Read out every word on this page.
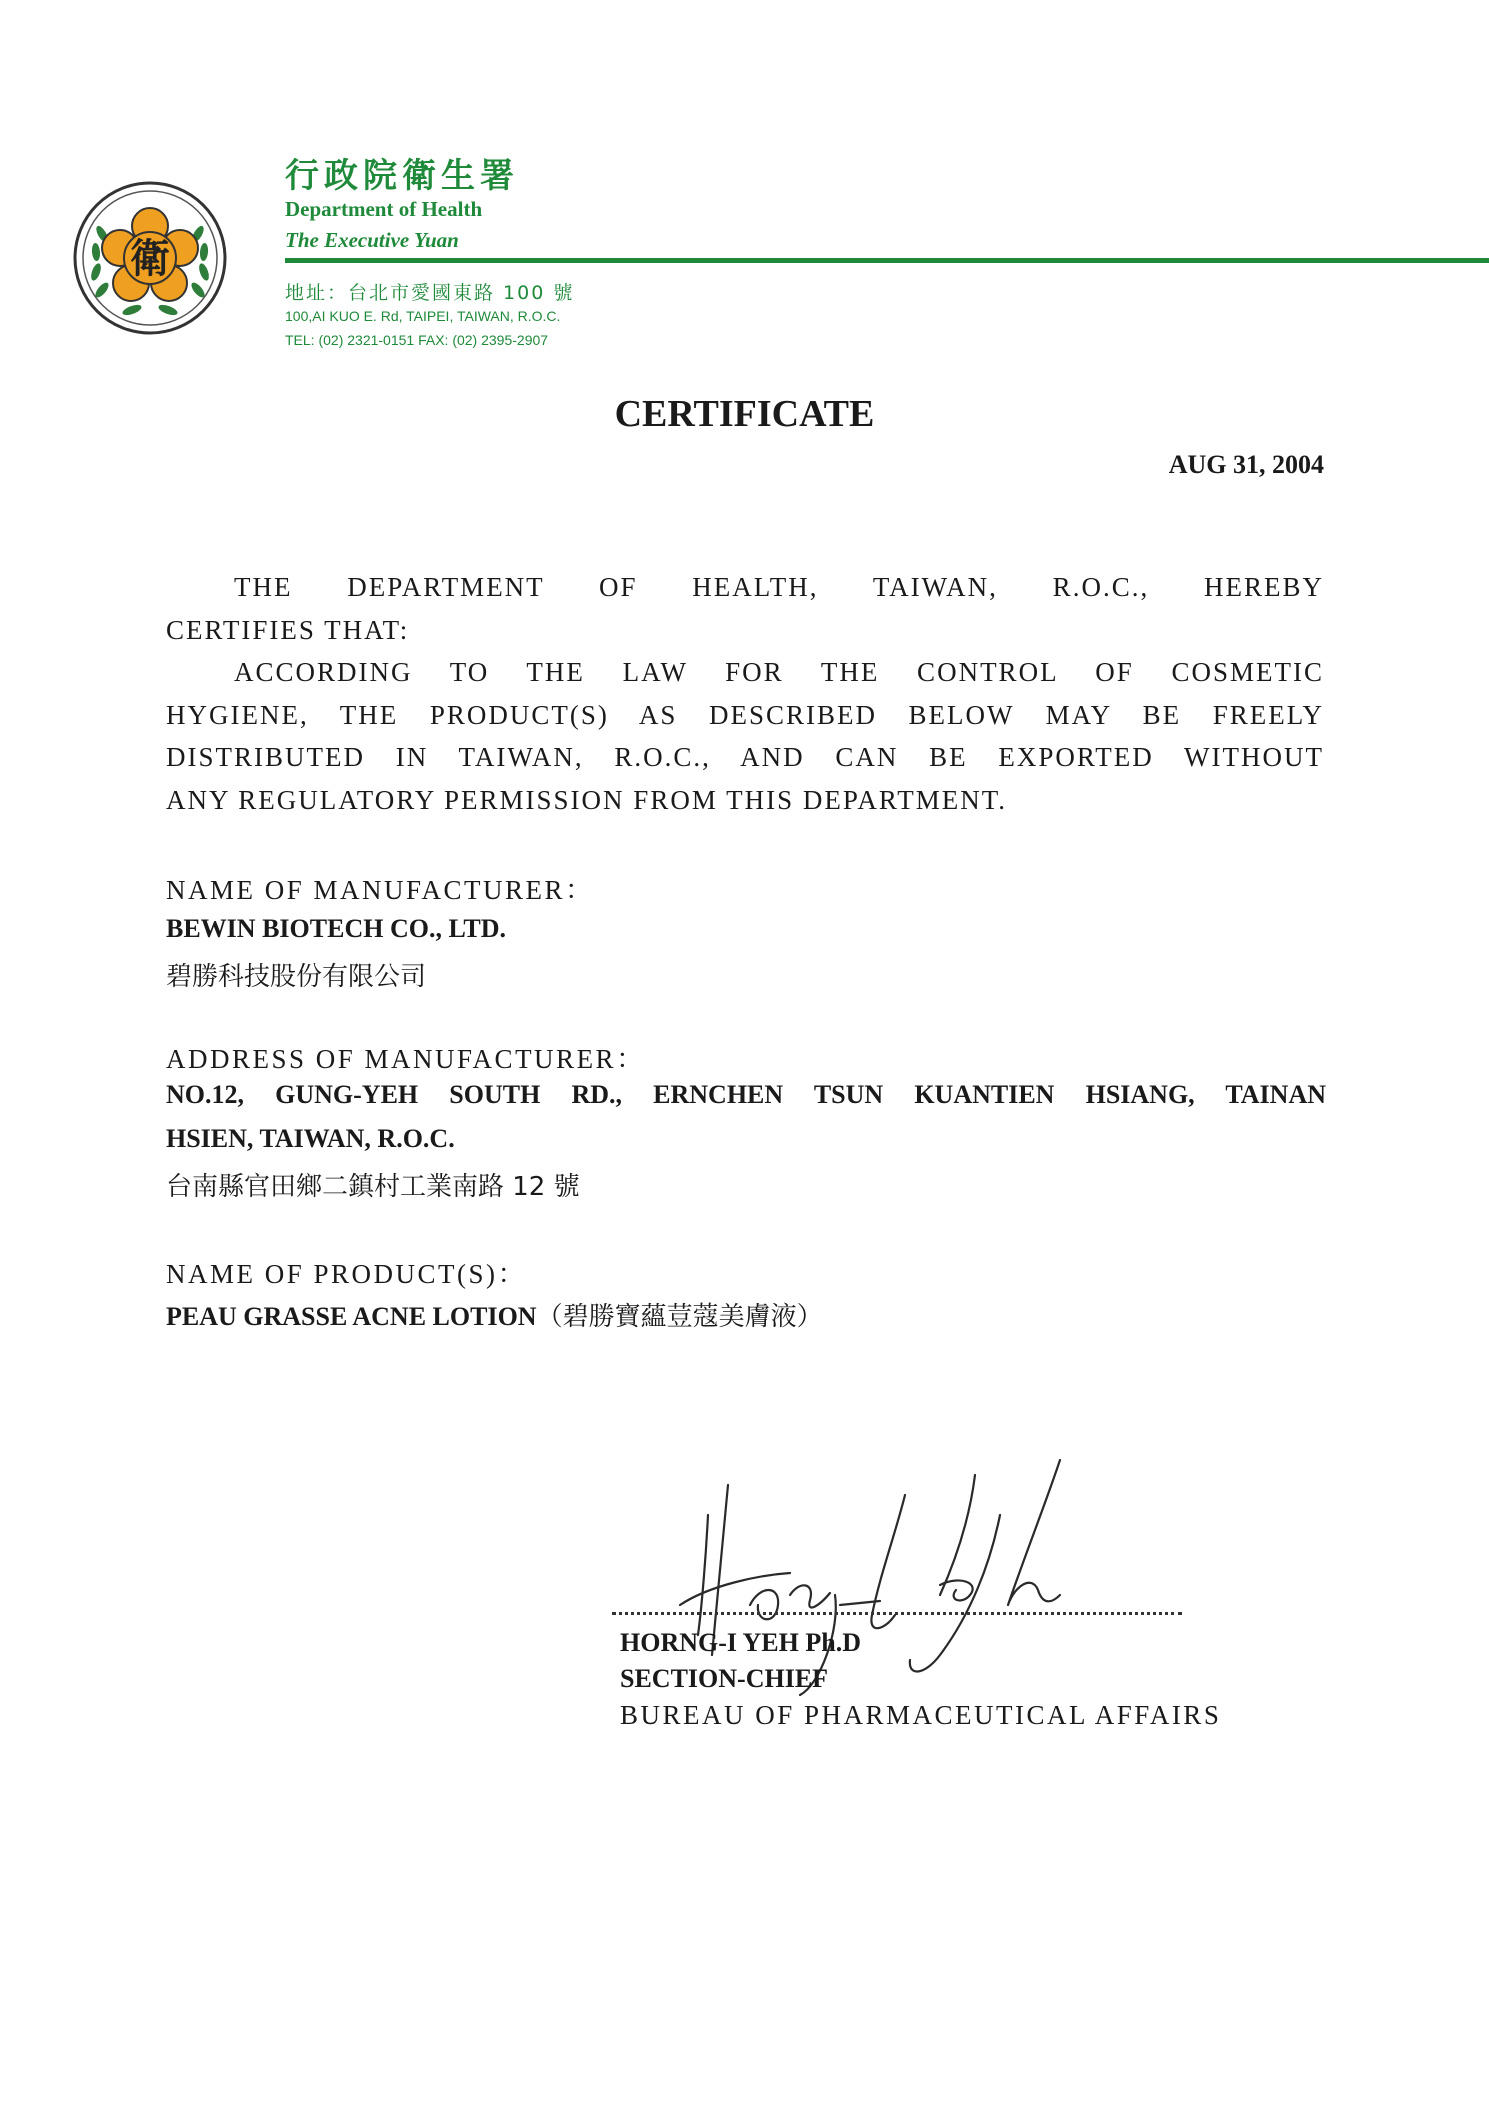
衛
行政院衛生署
Department of Health
The Executive Yuan
地址：台北市愛國東路 100 號
100,AI KUO E. Rd, TAIPEI, TAIWAN, R.O.C.
TEL: (02) 2321-0151 FAX: (02) 2395-2907
CERTIFICATE
AUG 31, 2004
THE DEPARTMENT OF HEALTH, TAIWAN, R.O.C., HEREBY
CERTIFIES THAT:
ACCORDING TO THE LAW FOR THE CONTROL OF COSMETIC
HYGIENE, THE PRODUCT(S) AS DESCRIBED BELOW MAY BE FREELY
DISTRIBUTED IN TAIWAN, R.O.C., AND CAN BE EXPORTED WITHOUT
ANY REGULATORY PERMISSION FROM THIS DEPARTMENT.
NAME OF MANUFACTURER：
BEWIN BIOTECH CO., LTD.
碧勝科技股份有限公司
ADDRESS OF MANUFACTURER：
NO.12, GUNG-YEH SOUTH RD., ERNCHEN TSUN KUANTIEN HSIANG, TAINAN
HSIEN, TAIWAN, R.O.C.
台南縣官田鄉二鎮村工業南路 12 號
NAME OF PRODUCT(S)：
PEAU GRASSE ACNE LOTION（碧勝寶蘊荳蔻美膚液）
HORNG-I YEH Ph.D
SECTION-CHIEF
BUREAU OF PHARMACEUTICAL AFFAIRS
